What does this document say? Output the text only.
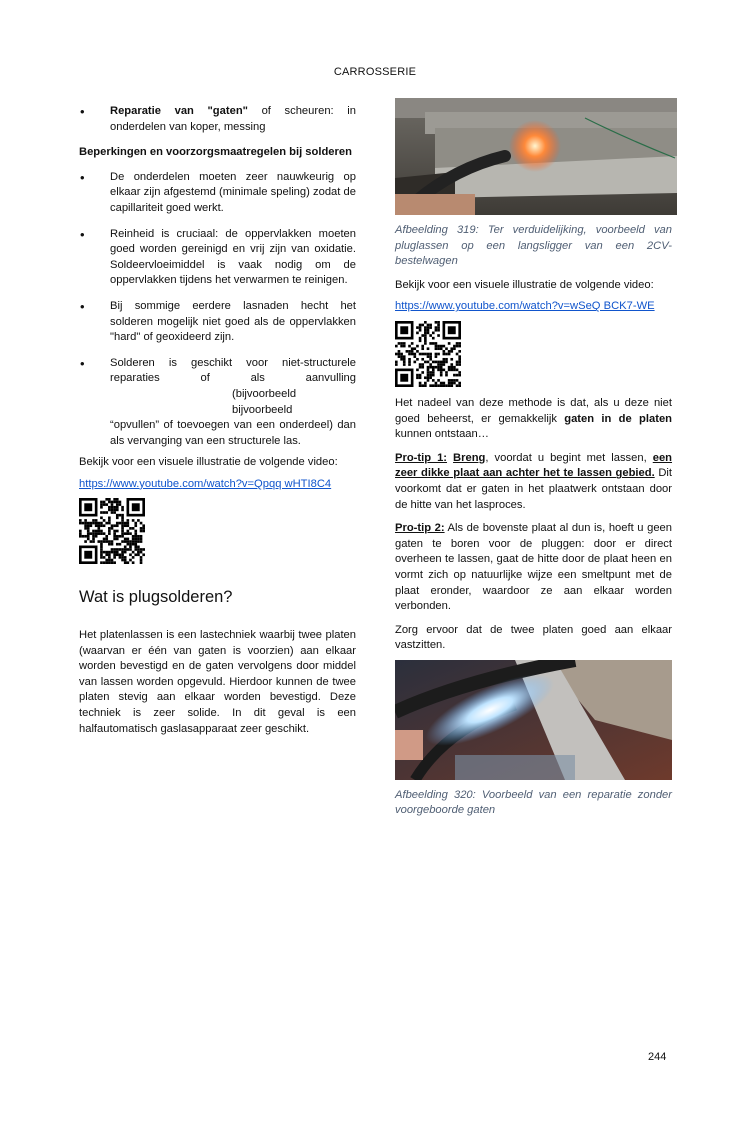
CARROSSERIE
• Reparatie van "gaten" of scheuren: in onderdelen van koper, messing

Beperkingen en voorzorgsmaatregelen bij solderen

• De onderdelen moeten zeer nauwkeurig op elkaar zijn afgestemd (minimale speling) zodat de capillariteit goed werkt.

• Reinheid is cruciaal: de oppervlakken moeten goed worden gereinigd en vrij zijn van oxidatie. Soldeervloeimiddel is vaak nodig om de oppervlakken tijdens het verwarmen te reinigen.

• Bij sommige eerdere lasnaden hecht het solderen mogelijk niet goed als de oppervlakken "hard" of geoxideerd zijn.

• Solderen is geschikt voor niet-structurele

reparaties of als aanvulling

(bijvoorbeeld

bijvoorbeeld

“opvullen” of toevoegen van een onderdeel) dan als vervanging van een structurele las.

Bekijk voor een visuele illustratie de volgende video:

https://www.youtube.com/watch?v=Qpqq wHTI8C4

Wat is plugsolderen?

Het platenlassen is een lastechniek waarbij twee platen (waarvan er één van gaten is voorzien) aan elkaar worden bevestigd en de gaten vervolgens door middel van lassen worden opgevuld. Hierdoor kunnen de twee platen stevig aan elkaar worden bevestigd. Deze techniek is zeer solide. In dit geval is een halfautomatisch gaslasapparaat zeer geschikt.

Afbeelding 319: Ter verduidelijking, voorbeeld van pluglassen op een langsligger van een 2CV-bestelwagen

Bekijk voor een visuele illustratie de volgende video:

https://www.youtube.com/watch?v=wSeQ BCK7-WE

Het nadeel van deze methode is dat, als u deze niet goed beheerst, er gemakkelijk gaten in de platen kunnen ontstaan…

Pro-tip 1: Breng, voordat u begint met lassen, een zeer dikke plaat aan achter het te lassen gebied. Dit voorkomt dat er gaten in het plaatwerk ontstaan door de hitte van het lasproces.

Pro-tip 2: Als de bovenste plaat al dun is, hoeft u geen gaten te boren voor de pluggen: door er direct overheen te lassen, gaat de hitte door de plaat heen en vormt zich op natuurlijke wijze een smeltpunt met de plaat eronder, waardoor ze aan elkaar worden verbonden.

Zorg ervoor dat de twee platen goed aan elkaar vastzitten.

Afbeelding 320: Voorbeeld van een reparatie zonder voorgeboorde gaten

244
